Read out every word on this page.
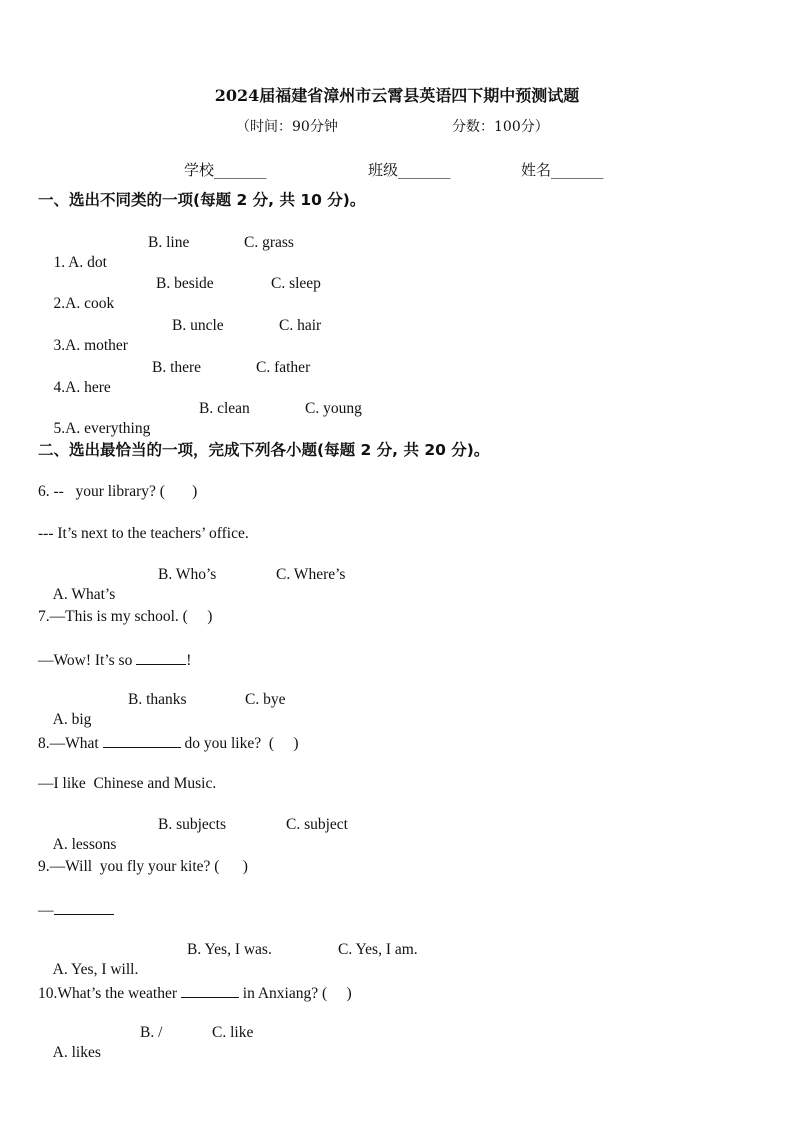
2024届福建省漳州市云霄县英语四下期中预测试题
（时间：90分钟	分数：100分）
学校_______	班级_______	姓名_______
一、选出不同类的一项(每题 2 分, 共 10 分)。

1. A. dot

B. line

	C. grass

2.A. cook

B. beside

	C. sleep

3.A. mother

B. uncle

	C. hair

4.A. here

B. there

	C. father

5.A. everything

B. clean

	C. young

二、选出最恰当的一项，完成下列各小题(每题 2 分, 共 20 分)。
6. --   your library? (       )
--- It’s next to the teachers’ office.

A. What’s

B. Who’s

	C. Where’s

7.—This is my school. (     )
—Wow! It’s so	!

A. big

B. thanks

	C. bye

8.—What	do you like?  (     )
—I like  Chinese and Music.

A. lessons

B. subjects

	C. subject

9.—Will  you fly your kite? (      )
—

A. Yes, I will.

B. Yes, I was.

	C. Yes, I am.

10.What’s the weather	in Anxiang? (     )

A. likes

B. /

	C. like
